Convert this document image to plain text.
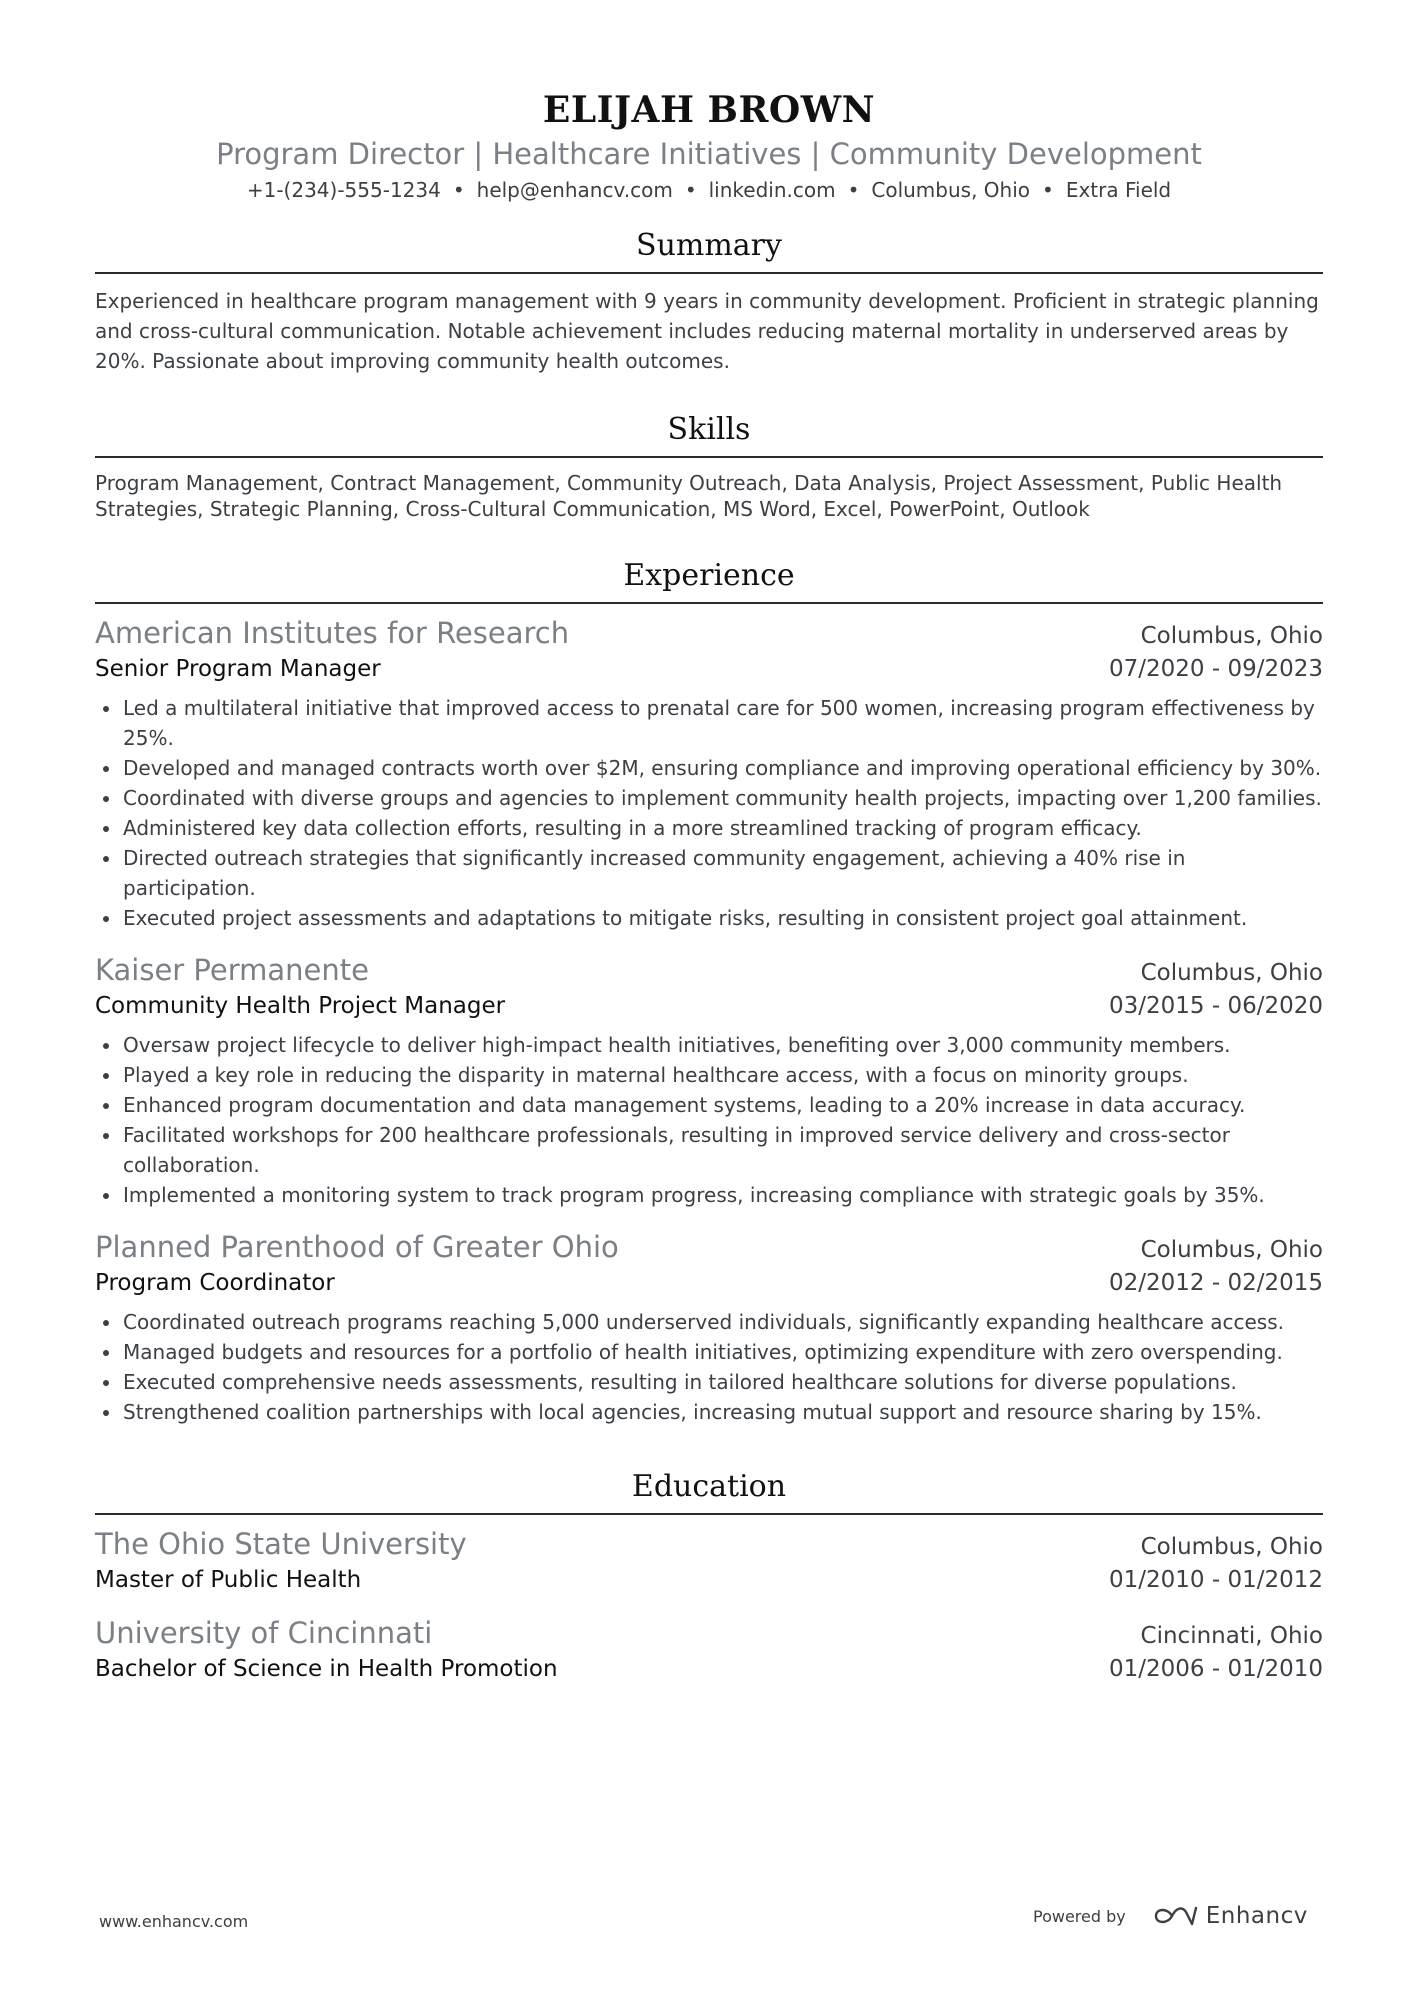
ELIJAH BROWN
Program Director | Healthcare Initiatives | Community Development
+1-(234)-555-1234 • help@enhancv.com • linkedin.com • Columbus, Ohio • Extra Field
Summary
Experienced in healthcare program management with 9 years in community development. Proficient in strategic planning and cross-cultural communication. Notable achievement includes reducing maternal mortality in underserved areas by 20%. Passionate about improving community health outcomes.
Skills
Program Management, Contract Management, Community Outreach, Data Analysis, Project Assessment, Public Health Strategies, Strategic Planning, Cross-Cultural Communication, MS Word, Excel, PowerPoint, Outlook
Experience
American Institutes for Research	Columbus, Ohio
Senior Program Manager	07/2020 - 09/2023
Led a multilateral initiative that improved access to prenatal care for 500 women, increasing program effectiveness by 25%.
Developed and managed contracts worth over $2M, ensuring compliance and improving operational efficiency by 30%.
Coordinated with diverse groups and agencies to implement community health projects, impacting over 1,200 families.
Administered key data collection efforts, resulting in a more streamlined tracking of program efficacy.
Directed outreach strategies that significantly increased community engagement, achieving a 40% rise in participation.
Executed project assessments and adaptations to mitigate risks, resulting in consistent project goal attainment.
Kaiser Permanente	Columbus, Ohio
Community Health Project Manager	03/2015 - 06/2020
Oversaw project lifecycle to deliver high-impact health initiatives, benefiting over 3,000 community members.
Played a key role in reducing the disparity in maternal healthcare access, with a focus on minority groups.
Enhanced program documentation and data management systems, leading to a 20% increase in data accuracy.
Facilitated workshops for 200 healthcare professionals, resulting in improved service delivery and cross-sector collaboration.
Implemented a monitoring system to track program progress, increasing compliance with strategic goals by 35%.
Planned Parenthood of Greater Ohio	Columbus, Ohio
Program Coordinator	02/2012 - 02/2015
Coordinated outreach programs reaching 5,000 underserved individuals, significantly expanding healthcare access.
Managed budgets and resources for a portfolio of health initiatives, optimizing expenditure with zero overspending.
Executed comprehensive needs assessments, resulting in tailored healthcare solutions for diverse populations.
Strengthened coalition partnerships with local agencies, increasing mutual support and resource sharing by 15%.
Education
The Ohio State University	Columbus, Ohio
Master of Public Health	01/2010 - 01/2012
University of Cincinnati	Cincinnati, Ohio
Bachelor of Science in Health Promotion	01/2006 - 01/2010
www.enhancv.com	Powered by	Enhancv
